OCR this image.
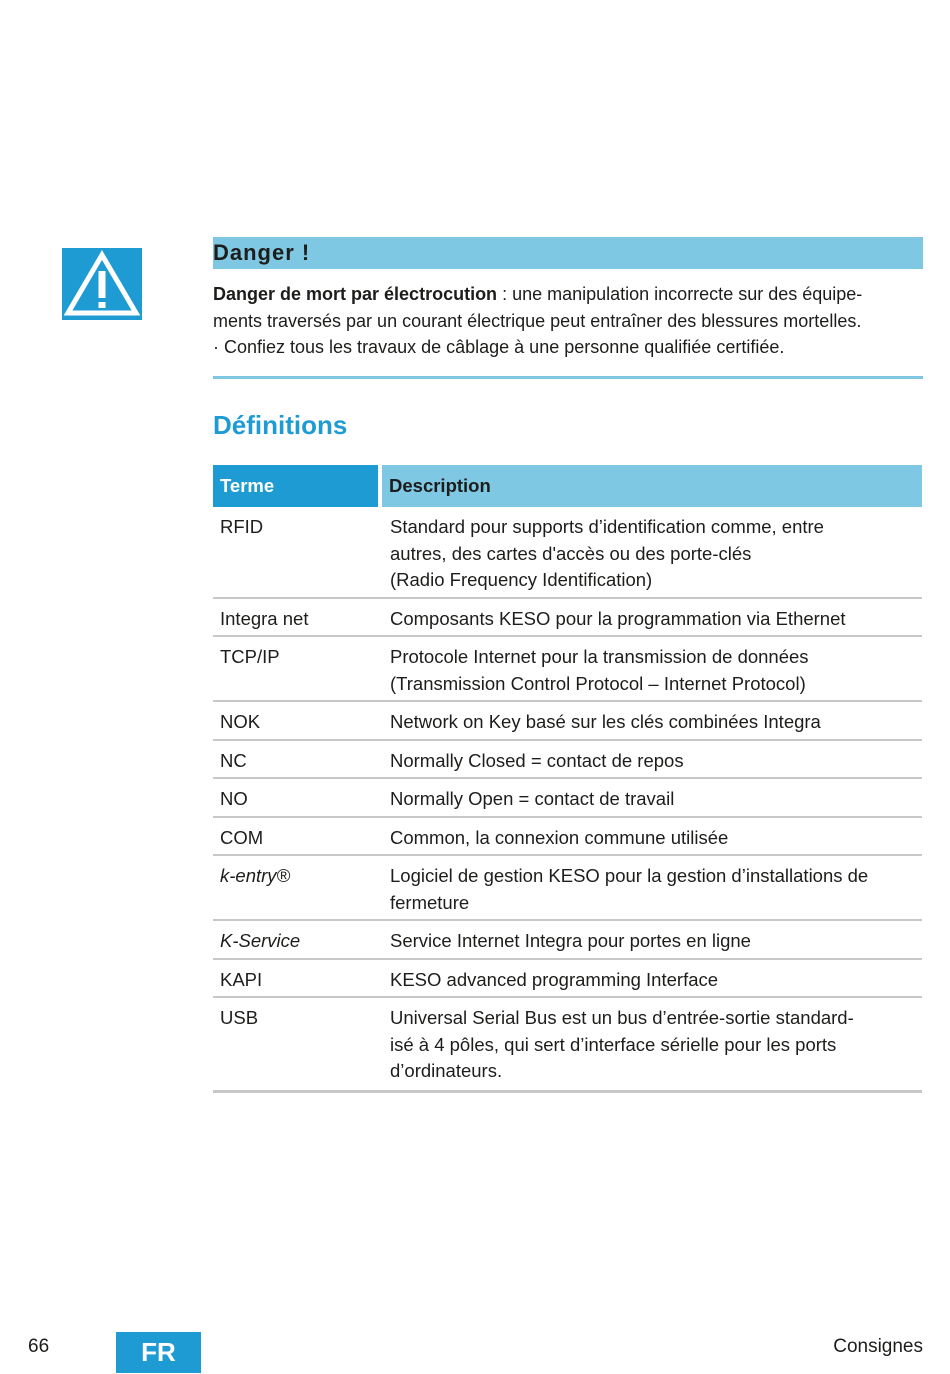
Danger !
Danger de mort par électrocution : une manipulation incorrecte sur des équipe-
ments traversés par un courant électrique peut entraîner des blessures mortelles.
· Confiez tous les travaux de câblage à une personne qualifiée certifiée.
Définitions
Terme	Description
RFID	Standard pour supports d’identification comme, entre
autres, des cartes d'accès ou des porte-clés
(Radio Frequency Identification)

Integra net	Composants KESO pour la programmation via Ethernet

TCP/IP	Protocole Internet pour la transmission de données
(Transmission Control Protocol – Internet Protocol)

NOK	Network on Key basé sur les clés combinées Integra

NC	Normally Closed = contact de repos

NO	Normally Open = contact de travail

COM	Common, la connexion commune utilisée

k-entry®	Logiciel de gestion KESO pour la gestion d’installations de
fermeture

K-Service	Service Internet Integra pour portes en ligne

KAPI	KESO advanced programming Interface

USB	Universal Serial Bus est un bus d’entrée-sortie standard-
isé à 4 pôles, qui sert d’interface sérielle pour les ports
d’ordinateurs.
66	FR	Consignes
